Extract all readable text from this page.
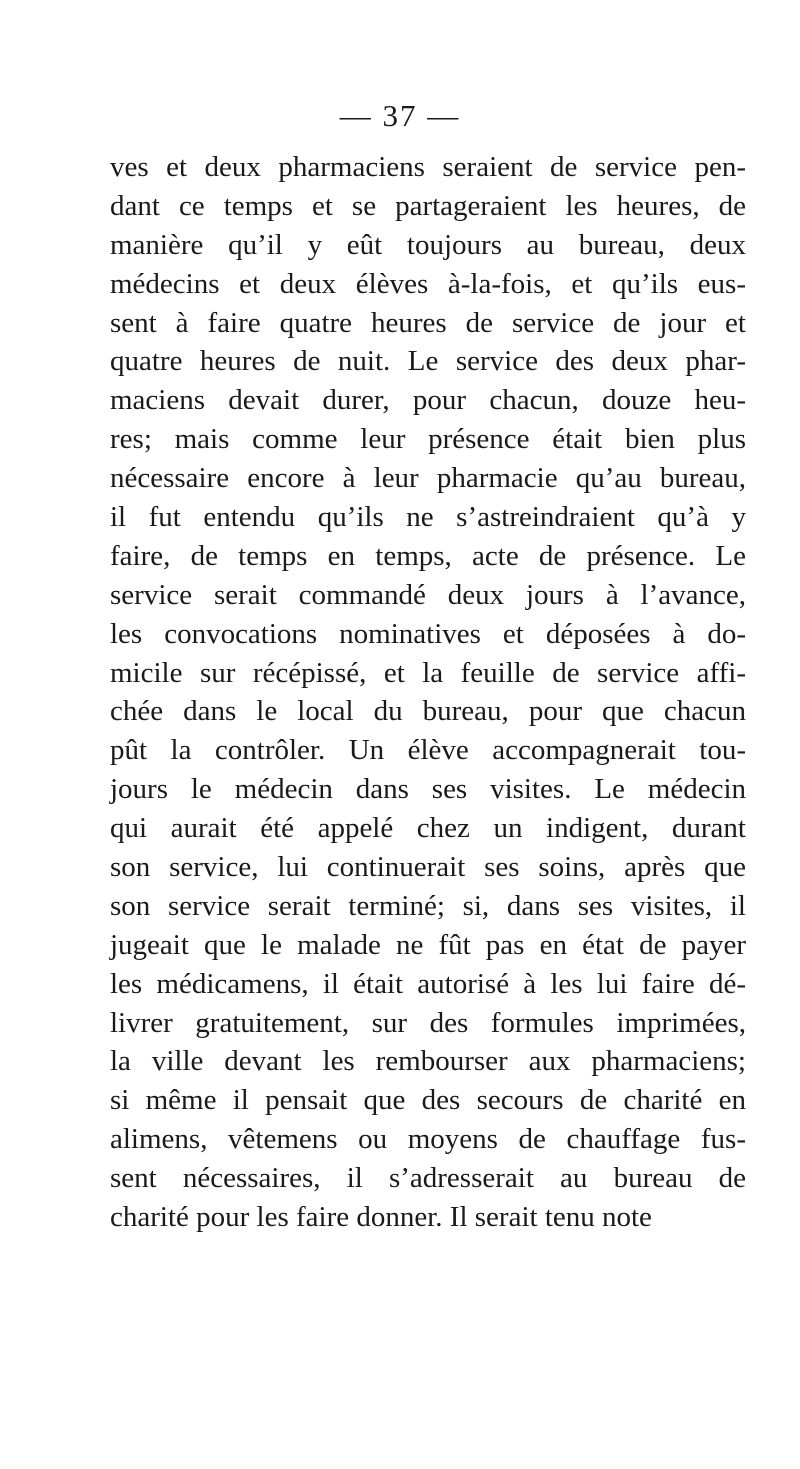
— 37 —
ves et deux pharmaciens seraient de service pen-
dant ce temps et se partageraient les heures, de
manière qu’il y eût toujours au bureau, deux
médecins et deux élèves à-la-fois, et qu’ils eus-
sent à faire quatre heures de service de jour et
quatre heures de nuit. Le service des deux phar-
maciens devait durer, pour chacun, douze heu-
res; mais comme leur présence était bien plus
nécessaire encore à leur pharmacie qu’au bureau,
il fut entendu qu’ils ne s’astreindraient qu’à y
faire, de temps en temps, acte de présence. Le
service serait commandé deux jours à l’avance,
les convocations nominatives et déposées à do-
micile sur récépissé, et la feuille de service affi-
chée dans le local du bureau, pour que chacun
pût la contrôler. Un élève accompagnerait tou-
jours le médecin dans ses visites. Le médecin
qui aurait été appelé chez un indigent, durant
son service, lui continuerait ses soins, après que
son service serait terminé; si, dans ses visites, il
jugeait que le malade ne fût pas en état de payer
les médicamens, il était autorisé à les lui faire dé-
livrer gratuitement, sur des formules imprimées,
la ville devant les rembourser aux pharmaciens;
si même il pensait que des secours de charité en
alimens, vêtemens ou moyens de chauffage fus-
sent nécessaires, il s’adresserait au bureau de
charité pour les faire donner. Il serait tenu note
